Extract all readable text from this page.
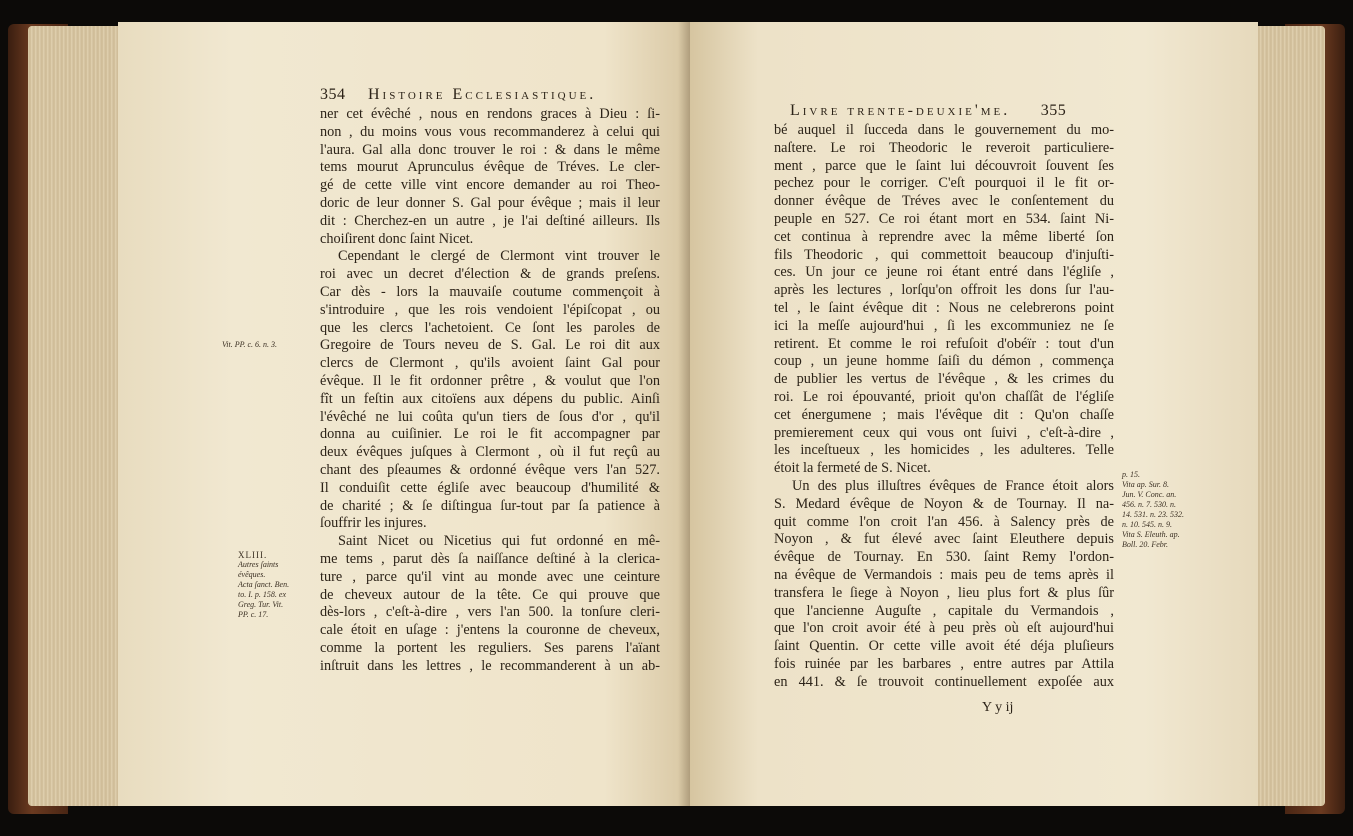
354 Histoire Ecclesiastique.
ner cet évêché , nous en rendons graces à Dieu : ſi-
non , du moins vous vous recommanderez à celui qui
l'aura. Gal alla donc trouver le roi : & dans le même
tems mourut Aprunculus évêque de Tréves. Le cler-
gé de cette ville vint encore demander au roi Theo-
doric de leur donner S. Gal pour évêque ; mais il leur
dit : Cherchez-en un autre , je l'ai deſtiné ailleurs. Ils
choiſirent donc ſaint Nicet.
Cependant le clergé de Clermont vint trouver le
roi avec un decret d'élection & de grands preſens.
Car dès - lors la mauvaiſe coutume commençoit à
s'introduire , que les rois vendoient l'épiſcopat , ou
que les clercs l'achetoient. Ce ſont les paroles de
Gregoire de Tours neveu de S. Gal. Le roi dit aux
clercs de Clermont , qu'ils avoient ſaint Gal pour
évêque. Il le fit ordonner prêtre , & voulut que l'on
fît un feſtin aux citoïens aux dépens du public. Ainſi
l'évêché ne lui coûta qu'un tiers de ſous d'or , qu'il
donna au cuiſinier. Le roi le fit accompagner par
deux évêques juſques à Clermont , où il fut reçû au
chant des pſeaumes & ordonné évêque vers l'an 527.
Il conduiſit cette égliſe avec beaucoup d'humilité &
de charité ; & ſe diſtingua ſur-tout par ſa patience à
ſouffrir les injures.
Saint Nicet ou Nicetius qui fut ordonné en mê-
me tems , parut dès ſa naiſſance deſtiné à la clerica-
ture , parce qu'il vint au monde avec une ceinture
de cheveux autour de la tête. Ce qui prouve que
dès-lors , c'eſt-à-dire , vers l'an 500. la tonſure cleri-
cale étoit en uſage : j'entens la couronne de cheveux,
comme la portent les reguliers. Ses parens l'aïant
inſtruit dans les lettres , le recommanderent à un ab-
Vit. PP. c. 6. n. 3.
XLIII.
Autres ſaints
évêques.
Acta ſanct. Ben.
to. I. p. 158. ex
Greg. Tur. Vit.
PP. c. 17.
Livre trente-deuxie'me. 355
bé auquel il ſucceda dans le gouvernement du mo-
naſtere. Le roi Theodoric le reveroit particuliere-
ment , parce que le ſaint lui découvroit ſouvent ſes
pechez pour le corriger. C'eſt pourquoi il le fit or-
donner évêque de Tréves avec le conſentement du
peuple en 527. Ce roi étant mort en 534. ſaint Ni-
cet continua à reprendre avec la même liberté ſon
fils Theodoric , qui commettoit beaucoup d'injuſti-
ces. Un jour ce jeune roi étant entré dans l'égliſe ,
après les lectures , lorſqu'on offroit les dons ſur l'au-
tel , le ſaint évêque dit : Nous ne celebrerons point
ici la meſſe aujourd'hui , ſi les excommuniez ne ſe
retirent. Et comme le roi refuſoit d'obéïr : tout d'un
coup , un jeune homme ſaiſi du démon , commença
de publier les vertus de l'évêque , & les crimes du
roi. Le roi épouvanté, prioit qu'on chaſſât de l'égliſe
cet énergumene ; mais l'évêque dit : Qu'on chaſſe
premierement ceux qui vous ont ſuivi , c'eſt-à-dire ,
les inceſtueux , les homicides , les adulteres. Telle
étoit la fermeté de S. Nicet.
Un des plus illuſtres évêques de France étoit alors
S. Medard évêque de Noyon & de Tournay. Il na-
quit comme l'on croit l'an 456. à Salency près de
Noyon , & fut élevé avec ſaint Eleuthere depuis
évêque de Tournay. En 530. ſaint Remy l'ordon-
na évêque de Vermandois : mais peu de tems après il
transfera le ſiege à Noyon , lieu plus fort & plus ſûr
que l'ancienne Auguſte , capitale du Vermandois ,
que l'on croit avoir été à peu près où eſt aujourd'hui
ſaint Quentin. Or cette ville avoit été déja pluſieurs
fois ruinée par les barbares , entre autres par Attila
en 441. & ſe trouvoit continuellement expoſée aux
p. 15.
Vita ap. Sur. 8.
Jun. V. Conc. an.
456. n. 7. 530. n.
14. 531. n. 23. 532.
n. 10. 545. n. 9.
Vita S. Eleuth. ap.
Boll. 20. Febr.
Y y ij
